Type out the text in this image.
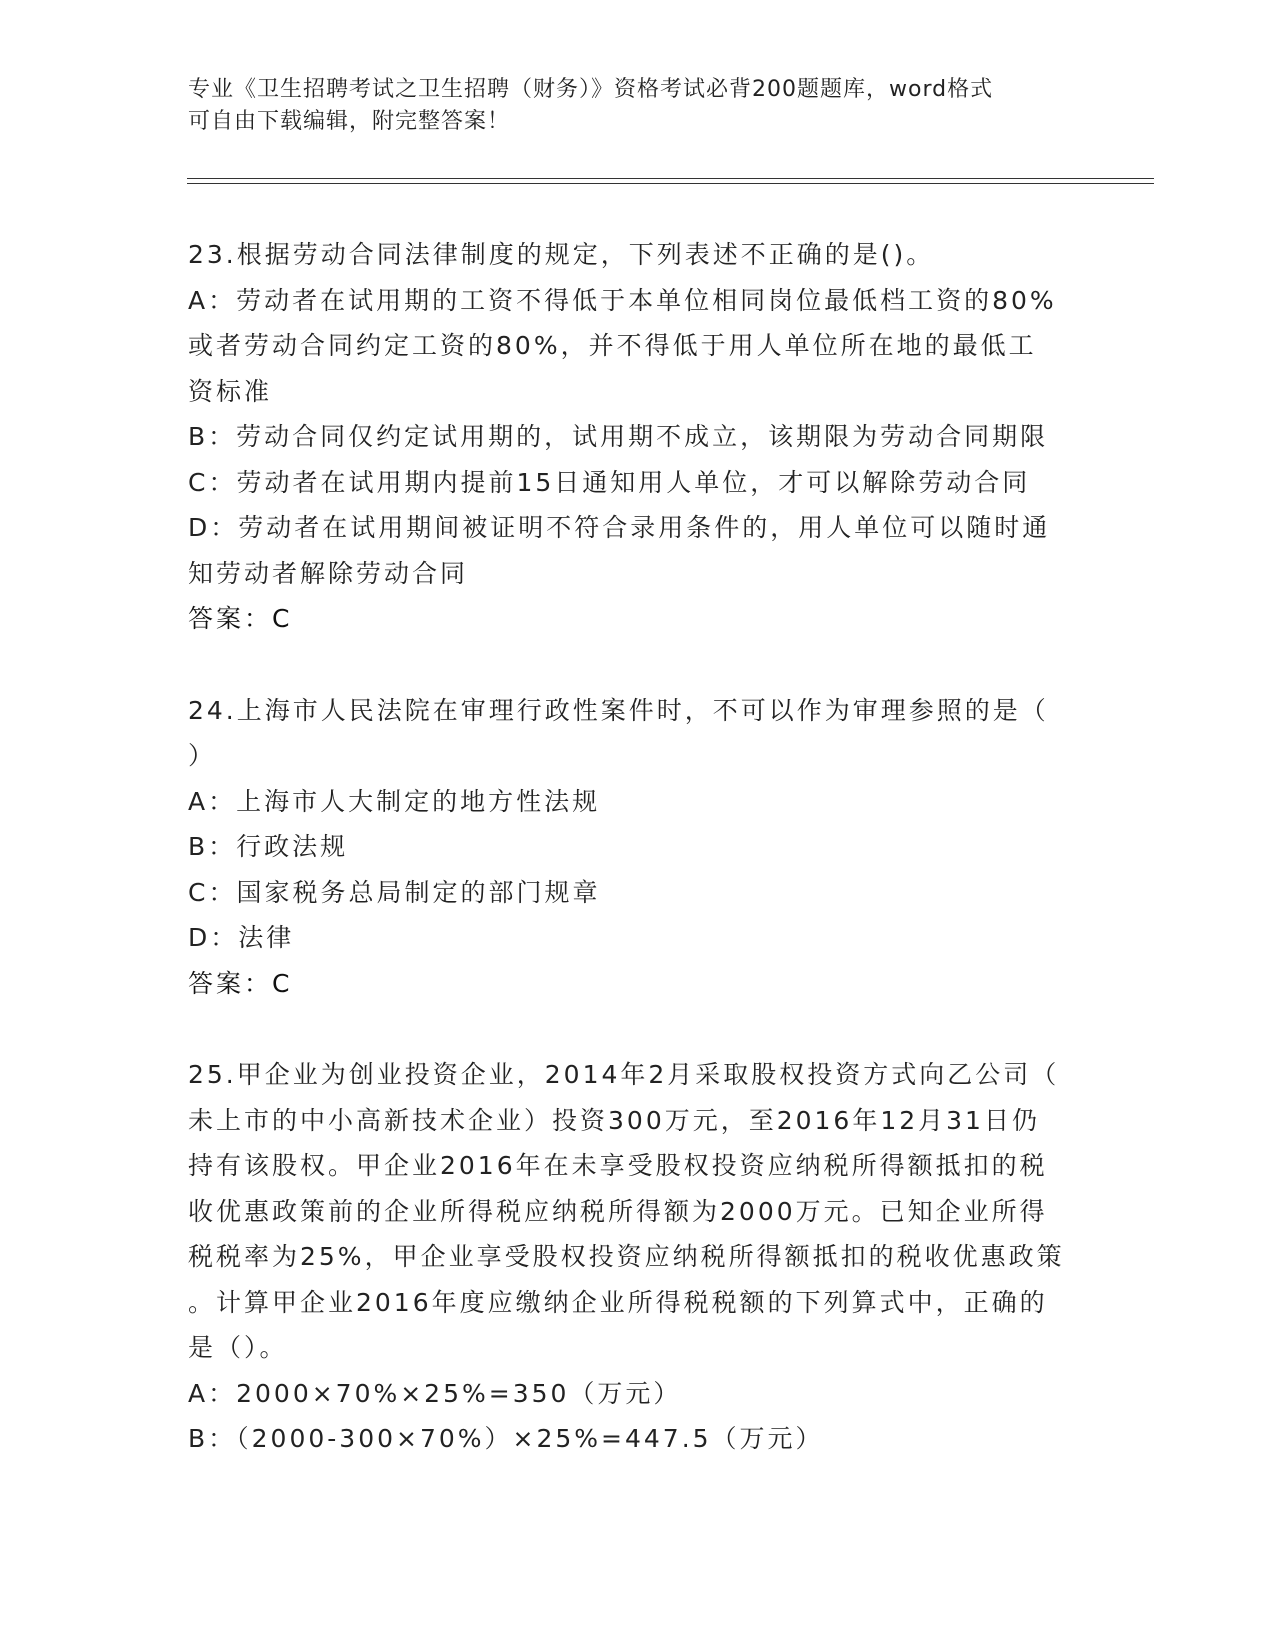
专业《卫生招聘考试之卫生招聘（财务）》资格考试必背200题题库，word格式
可自由下载编辑，附完整答案！
23.根据劳动合同法律制度的规定，下列表述不正确的是()。
A：劳动者在试用期的工资不得低于本单位相同岗位最低档工资的80%
或者劳动合同约定工资的80%，并不得低于用人单位所在地的最低工
资标准
B：劳动合同仅约定试用期的，试用期不成立，该期限为劳动合同期限
C：劳动者在试用期内提前15日通知用人单位，才可以解除劳动合同
D：劳动者在试用期间被证明不符合录用条件的，用人单位可以随时通
知劳动者解除劳动合同
答案：C
24.上海市人民法院在审理行政性案件时，不可以作为审理参照的是（
）
A：上海市人大制定的地方性法规
B：行政法规
C：国家税务总局制定的部门规章
D：法律
答案：C
25.甲企业为创业投资企业，2014年2月采取股权投资方式向乙公司（
未上市的中小高新技术企业）投资300万元，至2016年12月31日仍
持有该股权。甲企业2016年在未享受股权投资应纳税所得额抵扣的税
收优惠政策前的企业所得税应纳税所得额为2000万元。已知企业所得
税税率为25%，甲企业享受股权投资应纳税所得额抵扣的税收优惠政策
。计算甲企业2016年度应缴纳企业所得税税额的下列算式中，正确的
是（）。
A：2000×70%×25%=350（万元）
B：（2000-300×70%）×25%=447.5（万元）
